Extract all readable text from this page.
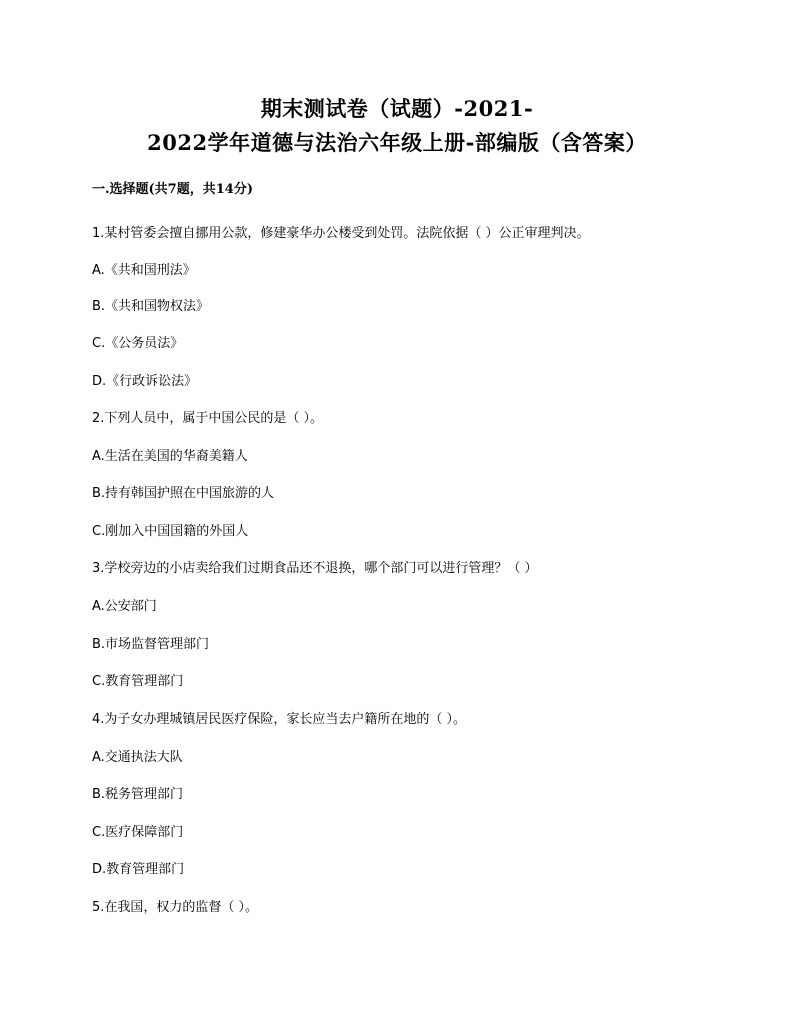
期末测试卷（试题）-2021-
2022学年道德与法治六年级上册-部编版（含答案）
一.选择题(共7题，共14分)
1.某村管委会擅自挪用公款，修建豪华办公楼受到处罚。法院依据（ ）公正审理判决。
A.《共和国刑法》
B.《共和国物权法》
C.《公务员法》
D.《行政诉讼法》
2.下列人员中，属于中国公民的是（ ）。
A.生活在美国的华裔美籍人
B.持有韩国护照在中国旅游的人
C.刚加入中国国籍的外国人
3.学校旁边的小店卖给我们过期食品还不退换，哪个部门可以进行管理？（ ）
A.公安部门
B.市场监督管理部门
C.教育管理部门
4.为子女办理城镇居民医疗保险，家长应当去户籍所在地的（ ）。
A.交通执法大队
B.税务管理部门
C.医疗保障部门
D.教育管理部门
5.在我国，权力的监督（ ）。
